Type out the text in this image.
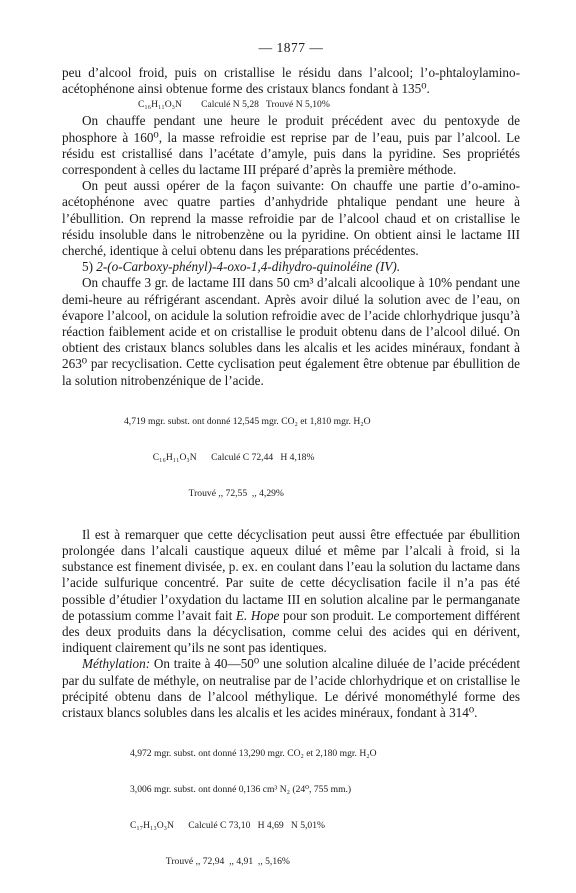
— 1877 —

peu d’alcool froid, puis on cristallise le résidu dans l’alcool; l’o-phtaloylamino-acétophénone ainsi obtenue forme des cristaux blancs fondant à 135⁰.

C₁₆H₁₁O₃N        Calculé N 5,28   Trouvé N 5,10%

On chauffe pendant une heure le produit précédent avec du pentoxyde de phosphore à 160⁰, la masse refroidie est reprise par de l’eau, puis par l’alcool. Le résidu est cristallisé dans l’acétate d’amyle, puis dans la pyridine. Ses propriétés correspondent à celles du lactame III préparé d’après la première méthode.

On peut aussi opérer de la façon suivante: On chauffe une partie d’o-amino-acétophénone avec quatre parties d’anhydride phtalique pendant une heure à l’ébullition. On reprend la masse refroidie par de l’alcool chaud et on cristallise le résidu insoluble dans le nitrobenzène ou la pyridine. On obtient ainsi le lactame III cherché, identique à celui obtenu dans les préparations précédentes.

5) 2-(o-Carboxy-phényl)-4-oxo-1,4-dihydro-quinoléine (IV).

On chauffe 3 gr. de lactame III dans 50 cm³ d’alcali alcoolique à 10% pendant une demi-heure au réfrigérant ascendant. Après avoir dilué la solution avec de l’eau, on évapore l’alcool, on acidule la solution refroidie avec de l’acide chlorhydrique jusqu’à réaction faiblement acide et on cristallise le produit obtenu dans de l’alcool dilué. On obtient des cristaux blancs solubles dans les alcalis et les acides minéraux, fondant à 263⁰ par recyclisation. Cette cyclisation peut également être obtenue par ébullition de la solution nitrobenzénique de l’acide.

4,719 mgr. subst. ont donné 12,545 mgr. CO₂ et 1,810 mgr. H₂O

C₁₆H₁₁O₃N      Calculé C 72,44   H 4,18%

Trouvé ,, 72,55  ,, 4,29%

Il est à remarquer que cette décyclisation peut aussi être effectuée par ébullition prolongée dans l’alcali caustique aqueux dilué et même par l’alcali à froid, si la substance est finement divisée, p. ex. en coulant dans l’eau la solution du lactame dans l’acide sulfurique concentré. Par suite de cette décyclisation facile il n’a pas été possible d’étudier l’oxydation du lactame III en solution alcaline par le permanganate de potassium comme l’avait fait E. Hope pour son produit. Le comportement différent des deux produits dans la décyclisation, comme celui des acides qui en dérivent, indiquent clairement qu’ils ne sont pas identiques.

Méthylation: On traite à 40—50⁰ une solution alcaline diluée de l’acide précédent par du sulfate de méthyle, on neutralise par de l’acide chlorhydrique et on cristallise le précipité obtenu dans de l’alcool méthylique. Le dérivé monométhylé forme des cristaux blancs solubles dans les alcalis et les acides minéraux, fondant à 314⁰.

4,972 mgr. subst. ont donné 13,290 mgr. CO₂ et 2,180 mgr. H₂O

3,006 mgr. subst. ont donné 0,136 cm³ N₂ (24⁰, 755 mm.)

C₁₇H₁₃O₃N      Calculé C 73,10   H 4,69   N 5,01%

Trouvé ,, 72,94  ,, 4,91  ,, 5,16%
